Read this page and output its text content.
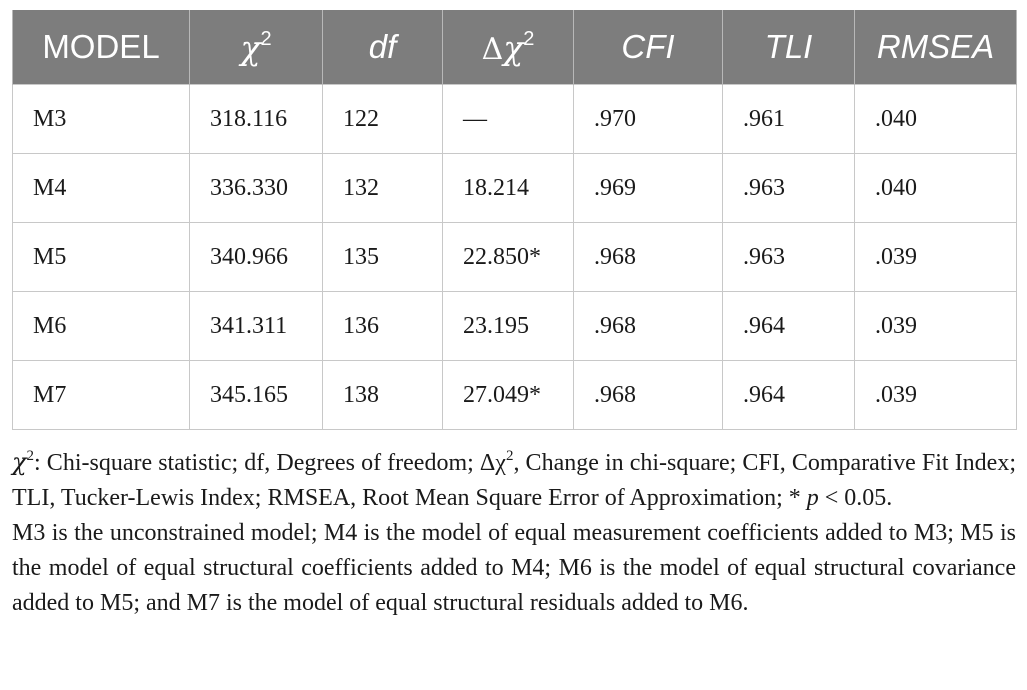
MODEL	$\chi^2$	df	$\Delta\chi^2$	CFI	TLI	RMSEA
M3	318.116	122	—	.970	.961	.040
M4	336.330	132	18.214	.969	.963	.040
M5	340.966	135	22.850*	.968	.963	.039
M6	341.311	136	23.195	.968	.964	.039
M7	345.165	138	27.049*	.968	.964	.039

$\chi^2$: Chi-square statistic; df, Degrees of freedom; $\Delta\chi^2$, Change in chi-square; CFI, Comparative Fit Index; TLI, Tucker-Lewis Index; RMSEA, Root Mean Square Error of Approximation; * p < 0.05.

M3 is the unconstrained model; M4 is the model of equal measurement coefficients added to M3; M5 is the model of equal structural coefficients added to M4; M6 is the model of equal structural covariance added to M5; and M7 is the model of equal structural residuals added to M6.
